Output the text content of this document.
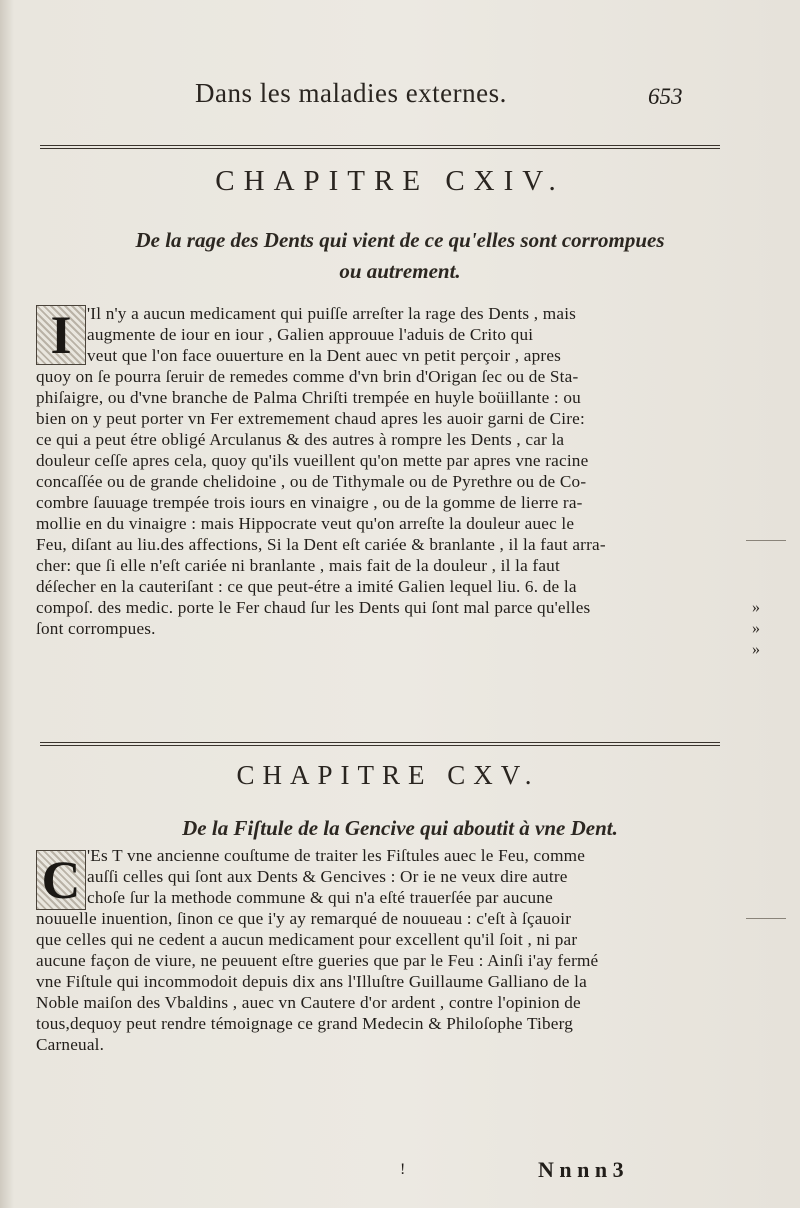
Dans les maladies externes.	653
CHAPITRE CXIV.
De la rage des Dents qui vient de ce qu'elles sont corrompues
ou autrement.
I 'Il n'y a aucun medicament qui puiſſe arreſter la rage des Dents , mais
augmente de iour en iour , Galien approuue l'aduis de Crito qui
veut que l'on face ouuerture en la Dent auec vn petit perçoir , apres
quoy on ſe pourra ſeruir de remedes comme d'vn brin d'Origan ſec ou de Sta-
phiſaigre, ou d'vne branche de Palma Chriſti trempée en huyle boüillante : ou
bien on y peut porter vn Fer extremement chaud apres les auoir garni de Cire:
ce qui a peut étre obligé Arculanus & des autres à rompre les Dents , car la
douleur ceſſe apres cela, quoy qu'ils vueillent qu'on mette par apres vne racine
concaſſée ou de grande chelidoine , ou de Tithymale ou de Pyrethre ou de Co-
combre ſauuage trempée trois iours en vinaigre , ou de la gomme de lierre ra-
mollie en du vinaigre : mais Hippocrate veut qu'on arreſte la douleur auec le
Feu, diſant au liu.des affections, Si la Dent eſt cariée & branlante , il la faut arra-
cher: que ſi elle n'eſt cariée ni branlante , mais fait de la douleur , il la faut
déſecher en la cauteriſant : ce que peut-étre a imité Galien lequel liu. 6. de la
compoſ. des medic. porte le Fer chaud ſur les Dents qui ſont mal parce qu'elles
ſont corrompues.
»
»
»
CHAPITRE CXV.
De la Fiſtule de la Gencive qui aboutit à vne Dent.
C 'Es T vne ancienne couſtume de traiter les Fiſtules auec le Feu, comme
auſſi celles qui ſont aux Dents & Gencives : Or ie ne veux dire autre
choſe ſur la methode commune & qui n'a eſté trauerſée par aucune
nouuelle inuention, ſinon ce que i'y ay remarqué de nouueau : c'eſt à ſçauoir
que celles qui ne cedent a aucun medicament pour excellent qu'il ſoit , ni par
aucune façon de viure, ne peuuent eſtre gueries que par le Feu : Ainſi i'ay fermé
vne Fiſtule qui incommodoit depuis dix ans l'Illuſtre Guillaume Galliano de la
Noble maiſon des Vbaldins , auec vn Cautere d'or ardent , contre l'opinion de
tous,dequoy peut rendre témoignage ce grand Medecin & Philoſophe Tiberg
Carneual.
!	N n n n 3
